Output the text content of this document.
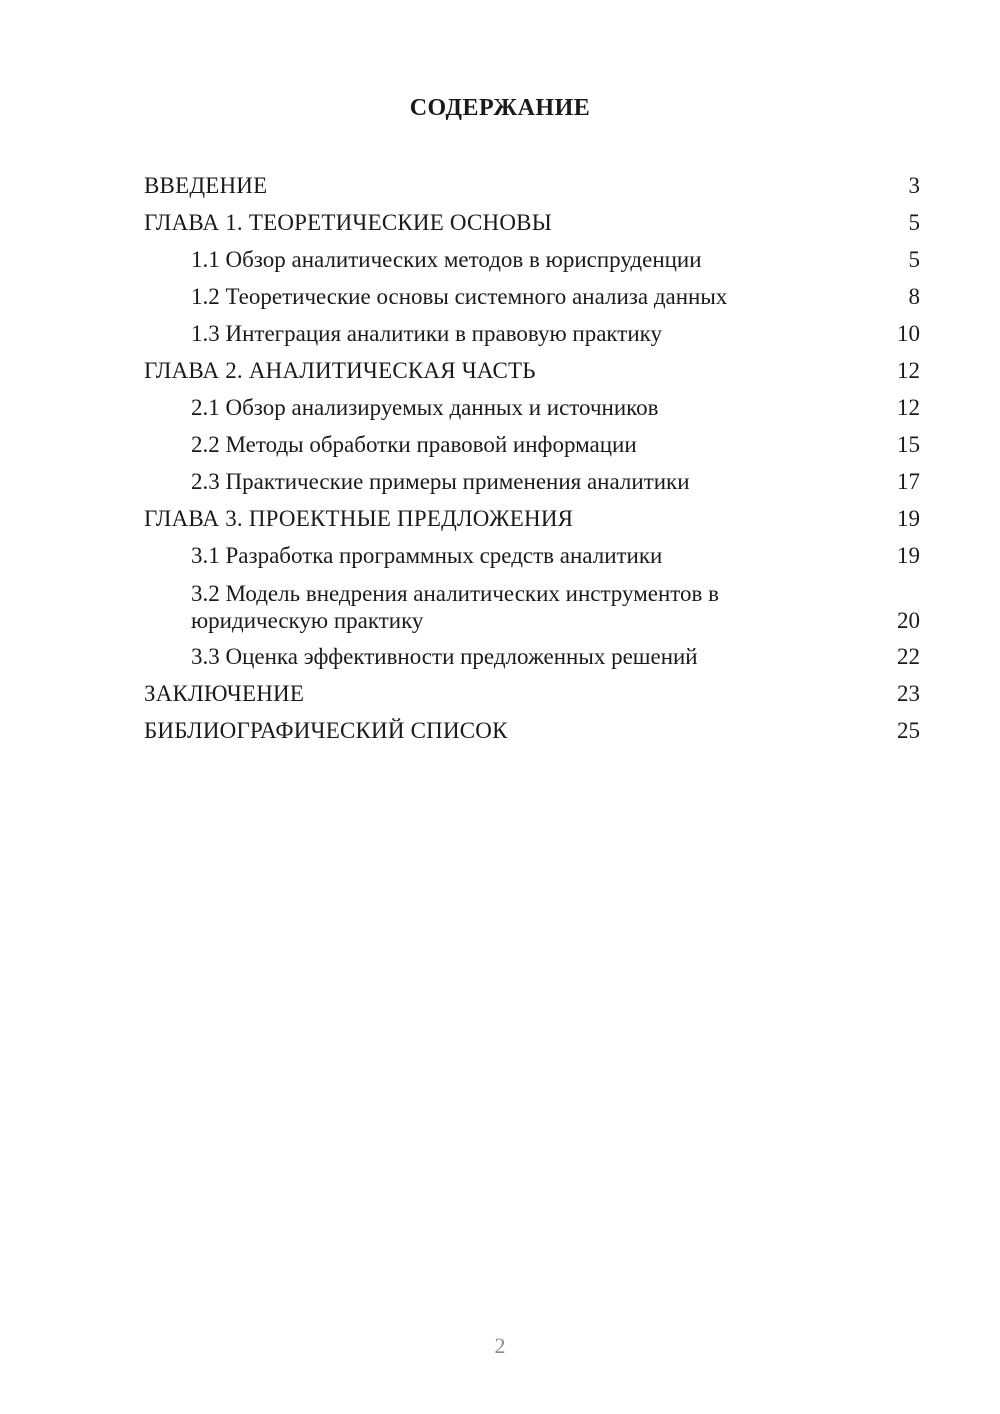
СОДЕРЖАНИЕ
ВВЕДЕНИЕ	3
ГЛАВА 1. ТЕОРЕТИЧЕСКИЕ ОСНОВЫ	5
1.1 Обзор аналитических методов в юриспруденции	5
1.2 Теоретические основы системного анализа данных	8
1.3 Интеграция аналитики в правовую практику	10
ГЛАВА 2. АНАЛИТИЧЕСКАЯ ЧАСТЬ	12
2.1 Обзор анализируемых данных и источников	12
2.2 Методы обработки правовой информации	15
2.3 Практические примеры применения аналитики	17
ГЛАВА 3. ПРОЕКТНЫЕ ПРЕДЛОЖЕНИЯ	19
3.1 Разработка программных средств аналитики	19
3.2 Модель внедрения аналитических инструментов в юридическую практику	20
3.3 Оценка эффективности предложенных решений	22
ЗАКЛЮЧЕНИЕ	23
БИБЛИОГРАФИЧЕСКИЙ СПИСОК	25
2
